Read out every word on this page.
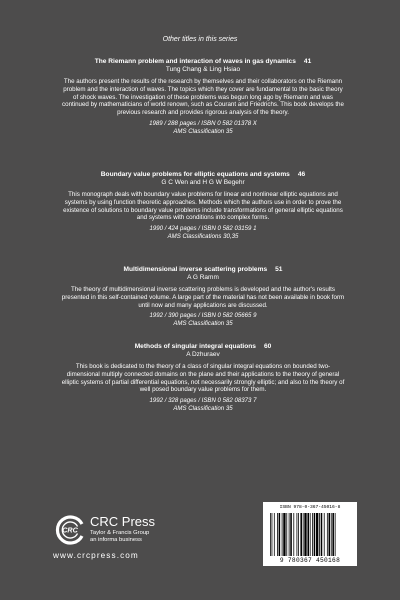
Other titles in this series
The Riemann problem and interaction of waves in gas dynamics 41
Tung Chang & Ling Hsiao
The authors present the results of the research by themselves and their collaborators on the Riemann problem and the interaction of waves. The topics which they cover are fundamental to the basic theory of shock waves. The investigation of these problems was begun long ago by Riemann and was continued by mathematicians of world renown, such as Courant and Friedrichs. This book develops the previous research and provides rigorous analysis of the theory.
1989 / 288 pages / ISBN 0 582 01378 X
AMS Classification 35
Boundary value problems for elliptic equations and systems 46
G C Wen and H G W Begehr
This monograph deals with boundary value problems for linear and nonlinear elliptic equations and systems by using function theoretic approaches. Methods which the authors use in order to prove the existence of solutions to boundary value problems include transformations of general elliptic equations and systems with conditions into complex forms.
1990 / 424 pages / ISBN 0 582 03159 1
AMS Classifications 30,35
Multidimensional inverse scattering problems 51
A G Ramm
The theory of multidimensional inverse scattering problems is developed and the author's results presented in this self-contained volume. A large part of the material has not been available in book form until now and many applications are discussed.
1992 / 390 pages / ISBN 0 582 05665 9
AMS Classification 35
Methods of singular integral equations 60
A Dzhuraev
This book is dedicated to the theory of a class of singular integral equations on bounded two-dimensional multiply connected domains on the plane and their applications to the theory of general elliptic systems of partial differential equations, not necessarily strongly elliptic; and also to the theory of well posed boundary value problems for them.
1992 / 328 pages / ISBN 0 582 08373 7
AMS Classification 35
CRC
CRC Press
Taylor & Francis Group
an informa business
www.crcpress.com
ISBN 978-0-367-45016-8
9 780367 450168
